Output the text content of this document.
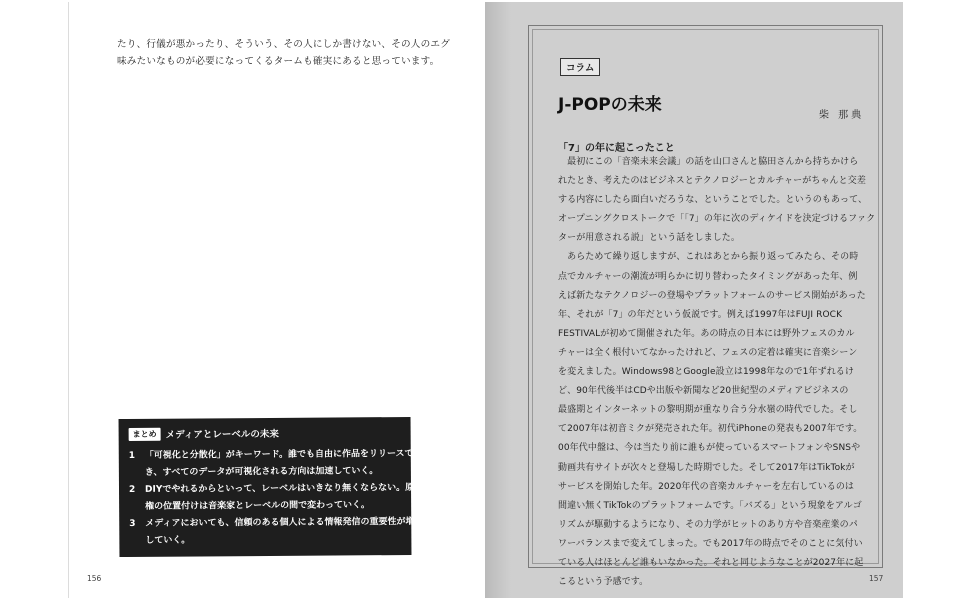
たり、行儀が悪かったり、そういう、その人にしか書けない、その人のエグ

味みたいなものが必要になってくるタームも確実にあると思っています。

まとめ メディアとレーベルの未来
1	「可視化と分散化」がキーワード。誰でも自由に作品をリリースで
き、すべてのデータが可視化される方向は加速していく。
2	DIYでやれるからといって、レーベルはいきなり無くならない。原盤
権の位置付けは音楽家とレーベルの間で変わっていく。
3	メディアにおいても、信頼のある個人による情報発信の重要性が増
していく。
156
コラム
J-POPの未来
柴 那典
「7」の年に起こったこと
　最初にこの「音楽未来会議」の話を山口さんと脇田さんから持ちかけら
れたとき、考えたのはビジネスとテクノロジーとカルチャーがちゃんと交差
する内容にしたら面白いだろうな、ということでした。というのもあって、
オープニングクロストークで「「7」の年に次のディケイドを決定づけるファク
ターが用意される説」という話をしました。
　あらためて繰り返しますが、これはあとから振り返ってみたら、その時
点でカルチャーの潮流が明らかに切り替わったタイミングがあった年、例
えば新たなテクノロジーの登場やプラットフォームのサービス開始があった
年、それが「7」の年だという仮説です。例えば1997年はFUJI ROCK
FESTIVALが初めて開催された年。あの時点の日本には野外フェスのカル
チャーは全く根付いてなかったけれど、フェスの定着は確実に音楽シーン
を変えました。Windows98とGoogle設立は1998年なので1年ずれるけ
ど、90年代後半はCDや出版や新聞など20世紀型のメディアビジネスの
最盛期とインターネットの黎明期が重なり合う分水嶺の時代でした。そし
て2007年は初音ミクが発売された年。初代iPhoneの発表も2007年です。
00年代中盤は、今は当たり前に誰もが使っているスマートフォンやSNSや
動画共有サイトが次々と登場した時期でした。そして2017年はTikTokが
サービスを開始した年。2020年代の音楽カルチャーを左右しているのは
間違い無くTikTokのプラットフォームです。「バズる」という現象をアルゴ
リズムが駆動するようになり、その力学がヒットのあり方や音楽産業のパ
ワーバランスまで変えてしまった。でも2017年の時点でそのことに気付い
ている人はほとんど誰もいなかった。それと同じようなことが2027年に起
こるという予感です。	157
